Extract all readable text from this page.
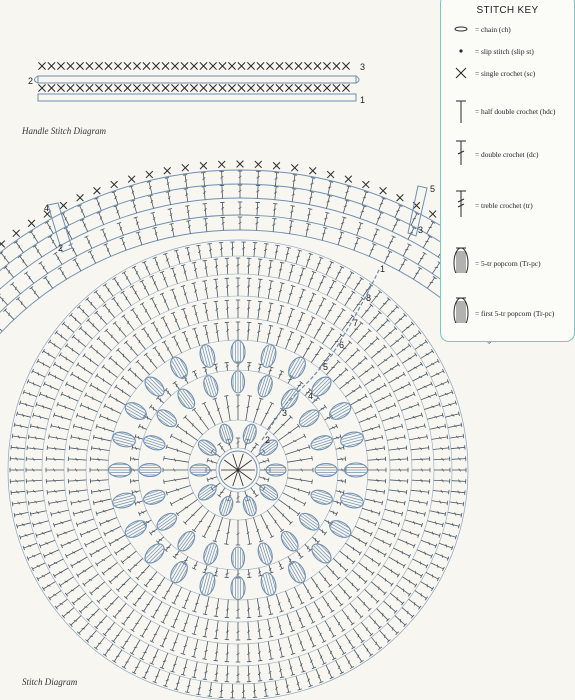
3
2
1
Handle Stitch Diagram
5
4
3
2
1
8
7
6
5
4
3
2
Stitch Diagram
STITCH KEY
= chain (ch)
= slip stitch (slip st)
= single crochet (sc)
= half double crochet (hdc)
= double crochet (dc)
= treble crochet (tr)
= 5-tr popcorn (Tr-pc)
= first 5-tr popcorn (Tr-pc)
